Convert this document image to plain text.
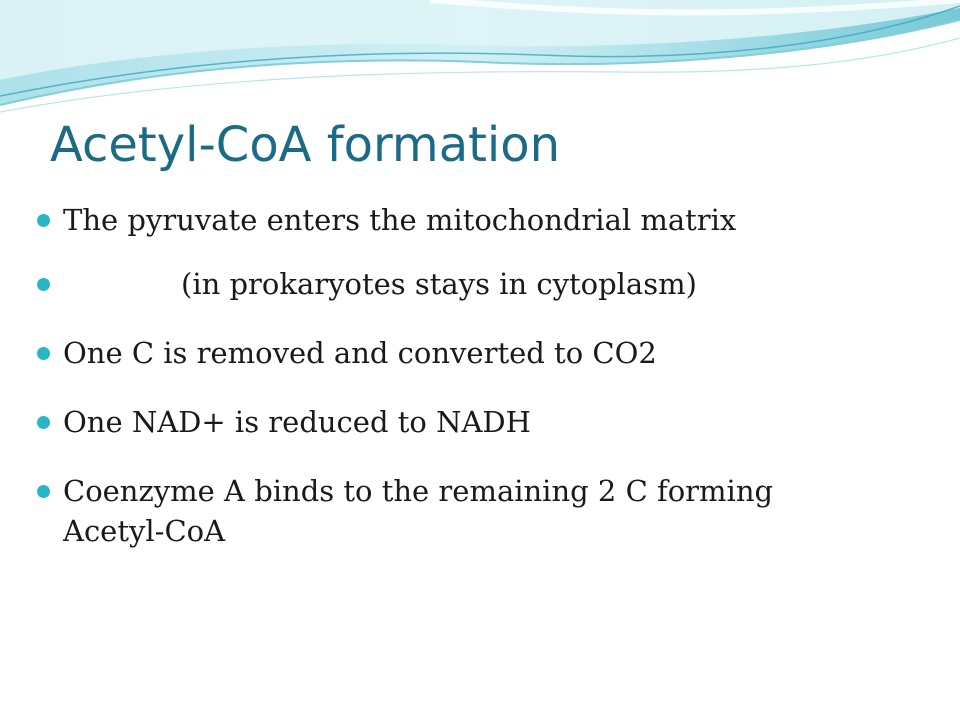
Acetyl-CoA formation
The pyruvate enters the mitochondrial matrix
(in prokaryotes stays in cytoplasm)
One C is removed and converted to CO2
One NAD+ is reduced to NADH
Coenzyme A binds to the remaining 2 C forming Acetyl-CoA
